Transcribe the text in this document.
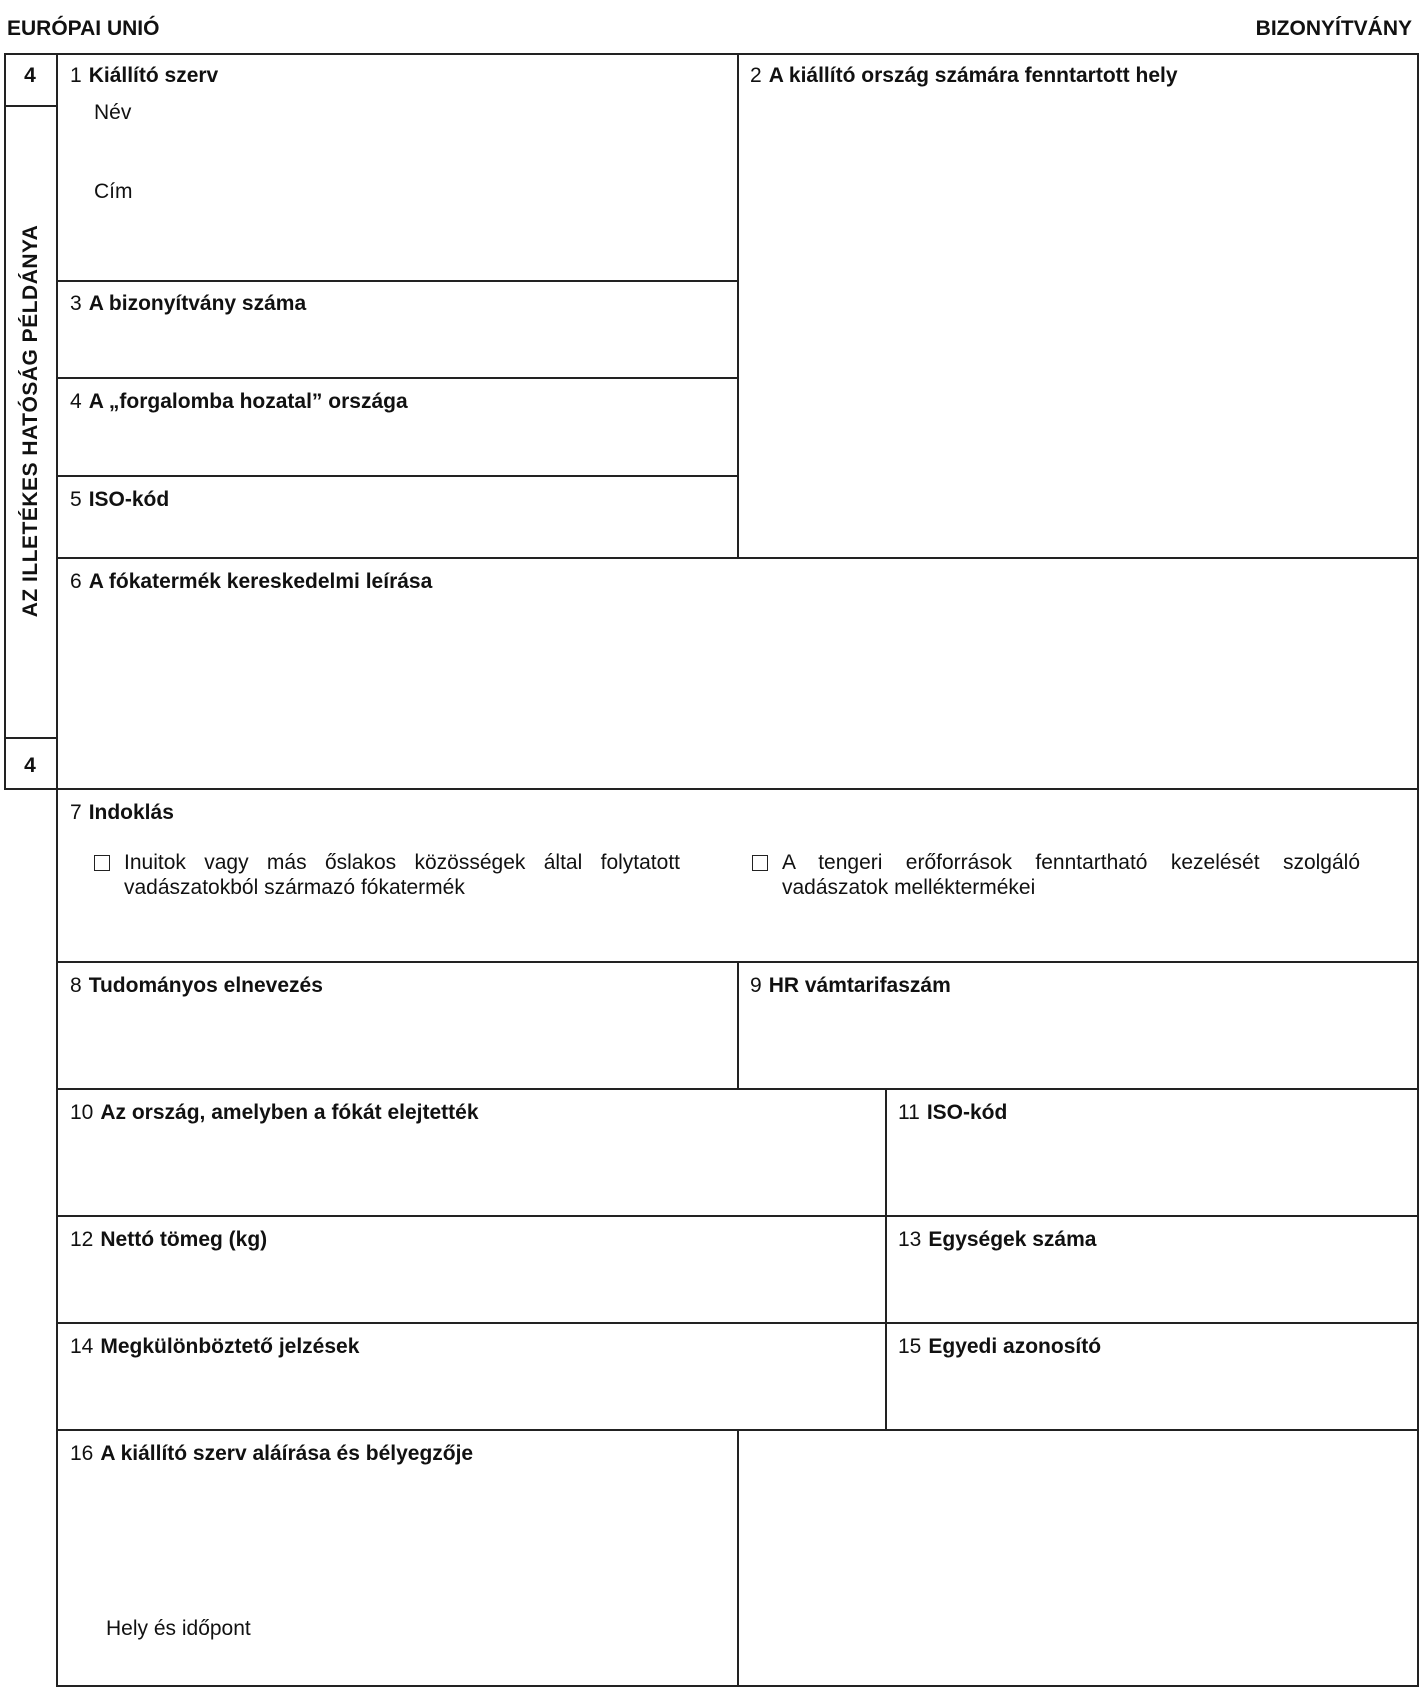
EURÓPAI UNIÓ	BIZONYÍTVÁNY
4
4
AZ ILLETÉKES HATÓSÁG PÉLDÁNYA
1 Kiállító szerv
Név
Cím
2 A kiállító ország számára fenntartott hely
3 A bizonyítvány száma
4 A „forgalomba hozatal” országa
5 ISO-kód
6 A fókatermék kereskedelmi leírása
7 Indoklás
Inuitok vagy más őslakos közösségek által folytatott vadászatokból származó fókatermék
A tengeri erőforrások fenntartható kezelését szolgáló vadászatok melléktermékei
8 Tudományos elnevezés	9 HR vámtarifaszám
10 Az ország, amelyben a fókát elejtették	11 ISO-kód
12 Nettó tömeg (kg)	13 Egységek száma
14 Megkülönböztető jelzések	15 Egyedi azonosító
16 A kiállító szerv aláírása és bélyegzője
Hely és időpont
